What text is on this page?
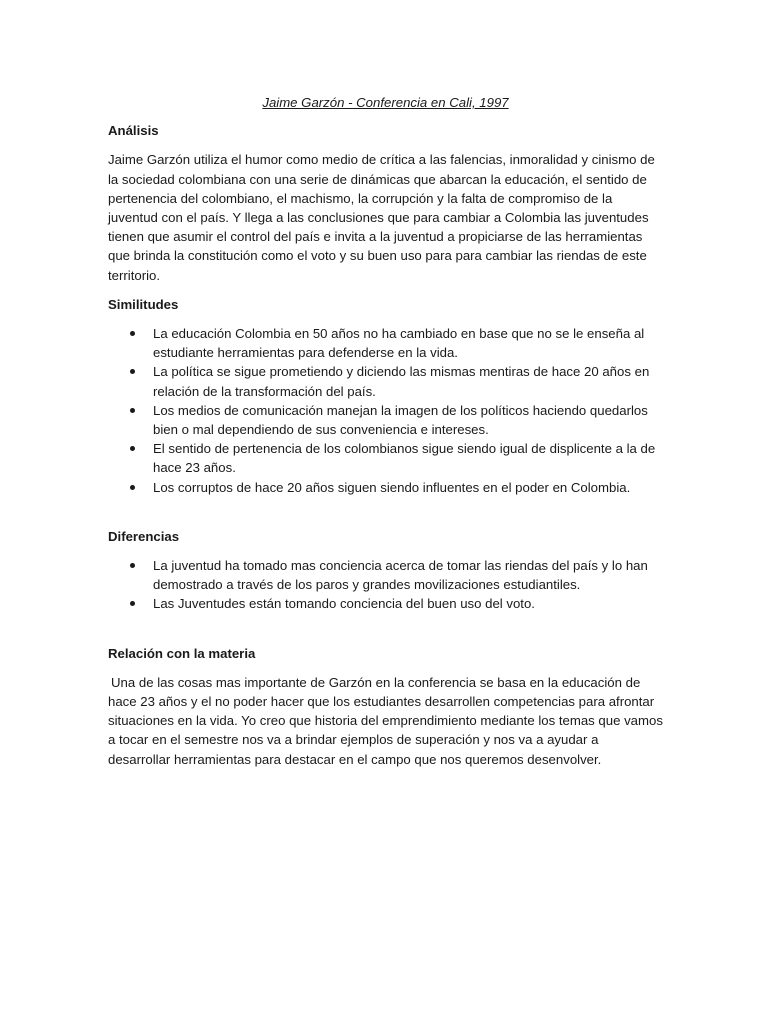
Jaime Garzón - Conferencia en Cali, 1997
Análisis

Jaime Garzón utiliza el humor como medio de crítica a las falencias, inmoralidad y cinismo de la sociedad colombiana con una serie de dinámicas que abarcan la educación, el sentido de pertenencia del colombiano, el machismo, la corrupción y la falta de compromiso de la juventud con el país. Y llega a las conclusiones que para cambiar a Colombia las juventudes tienen que asumir el control del país e invita a la juventud a propiciarse de las herramientas que brinda la constitución como el voto y su buen uso para para cambiar las riendas de este territorio.

Similitudes
La educación Colombia en 50 años no ha cambiado en base que no se le enseña al estudiante herramientas para defenderse en la vida.
La política se sigue prometiendo y diciendo las mismas mentiras de hace 20 años en relación de la transformación del país.
Los medios de comunicación manejan la imagen de los políticos haciendo quedarlos bien o mal dependiendo de sus conveniencia e intereses.
El sentido de pertenencia de los colombianos sigue siendo igual de displicente a la de hace 23 años.
Los corruptos de hace 20 años siguen siendo influentes en el poder en Colombia.
Diferencias
La juventud ha tomado mas conciencia acerca de tomar las riendas del país y lo han demostrado a través de los paros y grandes movilizaciones estudiantiles.
Las Juventudes están tomando conciencia del buen uso del voto.
Relación con la materia

Una de las cosas mas importante de Garzón en la conferencia se basa en la educación de hace 23 años y el no poder hacer que los estudiantes desarrollen competencias para afrontar situaciones en la vida. Yo creo que historia del emprendimiento mediante los temas que vamos a tocar en el semestre nos va a brindar ejemplos de superación y nos va a ayudar a desarrollar herramientas para destacar en el campo que nos queremos desenvolver.
